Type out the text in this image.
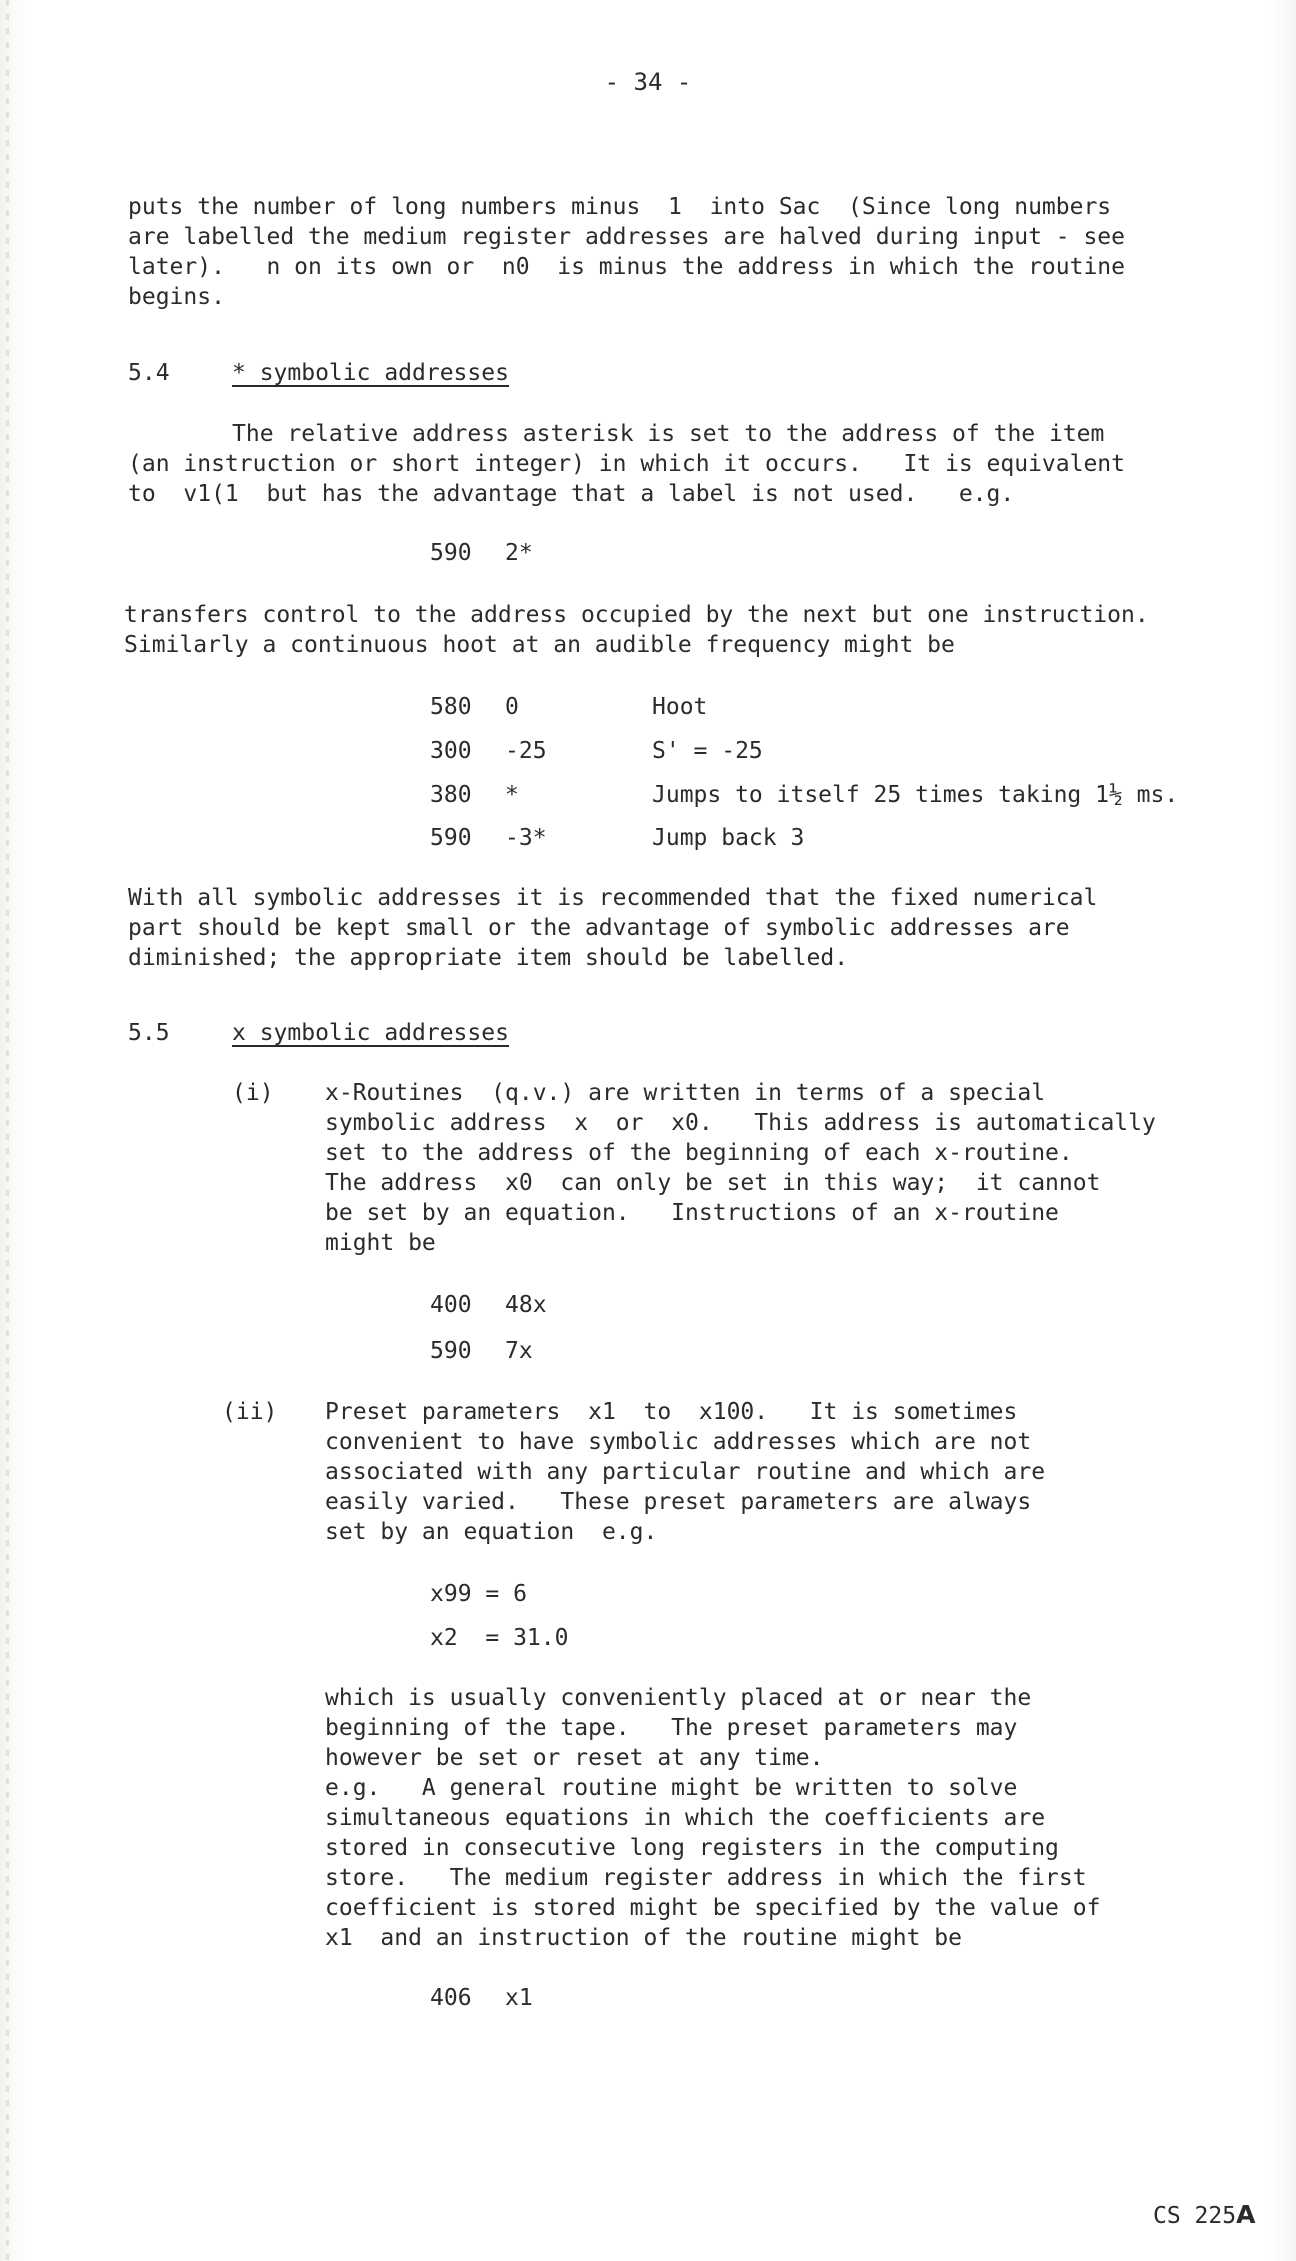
- 34 -
puts the number of long numbers minus  1  into Sac  (Since long numbers
are labelled the medium register addresses are halved during input - see
later).   n on its own or  n0  is minus the address in which the routine
begins.
5.4	* symbolic addresses
The relative address asterisk is set to the address of the item
(an instruction or short integer) in which it occurs.   It is equivalent
to  v1(1  but has the advantage that a label is not used.   e.g.
590 2*
transfers control to the address occupied by the next but one instruction.
Similarly a continuous hoot at an audible frequency might be
580 0	Hoot
300 -25	S' = -25
380 *	Jumps to itself 25 times taking 1½ ms.
590 -3*	Jump back 3
With all symbolic addresses it is recommended that the fixed numerical
part should be kept small or the advantage of symbolic addresses are
diminished; the appropriate item should be labelled.
5.5	x symbolic addresses
(i) x-Routines  (q.v.) are written in terms of a special
symbolic address  x  or  x0.   This address is automatically
set to the address of the beginning of each x-routine.
The address  x0  can only be set in this way;  it cannot
be set by an equation.   Instructions of an x-routine
might be
400 48x
590 7x
(ii) Preset parameters  x1  to  x100.   It is sometimes
convenient to have symbolic addresses which are not
associated with any particular routine and which are
easily varied.   These preset parameters are always
set by an equation  e.g.
x99 = 6
x2  = 31.0
which is usually conveniently placed at or near the
beginning of the tape.   The preset parameters may
however be set or reset at any time.
e.g.   A general routine might be written to solve
simultaneous equations in which the coefficients are
stored in consecutive long registers in the computing
store.   The medium register address in which the first
coefficient is stored might be specified by the value of
x1  and an instruction of the routine might be
406 x1
CS 225A
